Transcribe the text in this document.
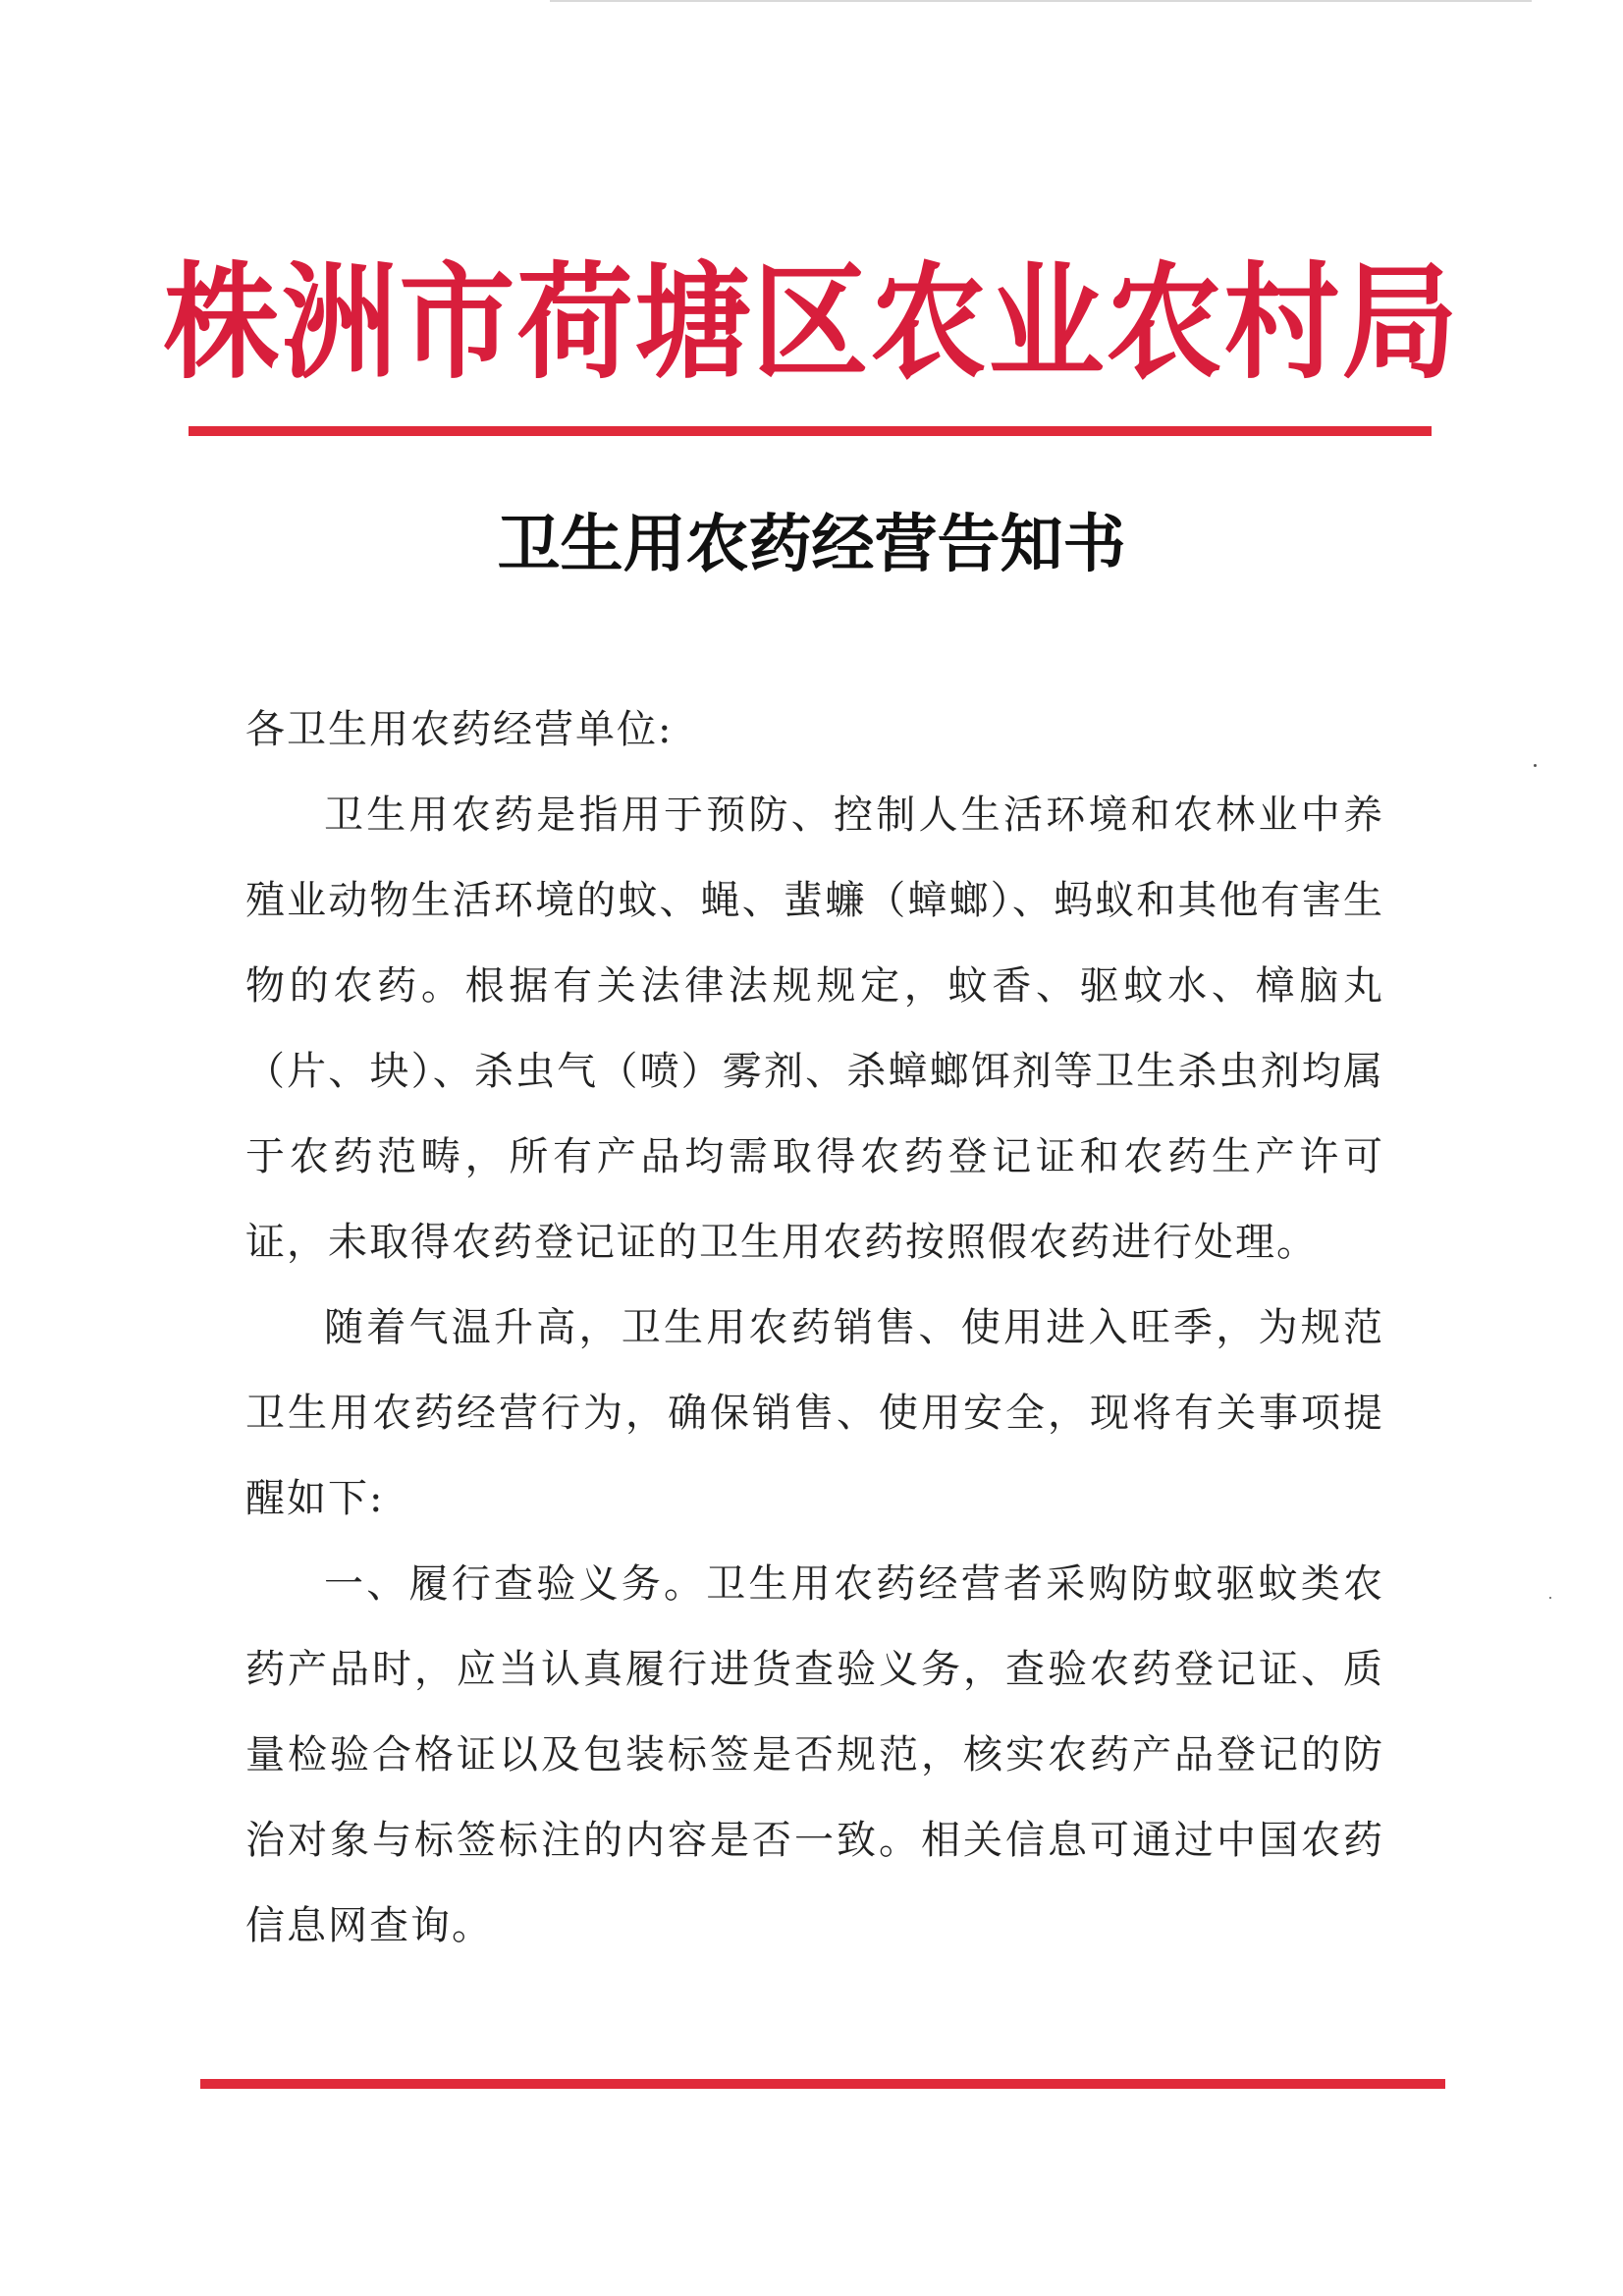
株洲市荷塘区农业农村局
卫生用农药经营告知书

各卫生用农药经营单位:

卫生用农药是指用于预防、控制人生活环境和农林业中养殖业动物生活环境的蚊、蝇、蜚蠊（蟑螂）、蚂蚁和其他有害生物的农药。根据有关法律法规规定，蚊香、驱蚊水、樟脑丸（片、块）、杀虫气（喷）雾剂、杀蟑螂饵剂等卫生杀虫剂均属于农药范畴，所有产品均需取得农药登记证和农药生产许可证，未取得农药登记证的卫生用农药按照假农药进行处理。

随着气温升高，卫生用农药销售、使用进入旺季，为规范卫生用农药经营行为，确保销售、使用安全，现将有关事项提醒如下:

一、履行查验义务。卫生用农药经营者采购防蚊驱蚊类农药产品时，应当认真履行进货查验义务，查验农药登记证、质量检验合格证以及包装标签是否规范，核实农药产品登记的防治对象与标签标注的内容是否一致。相关信息可通过中国农药信息网查询。
